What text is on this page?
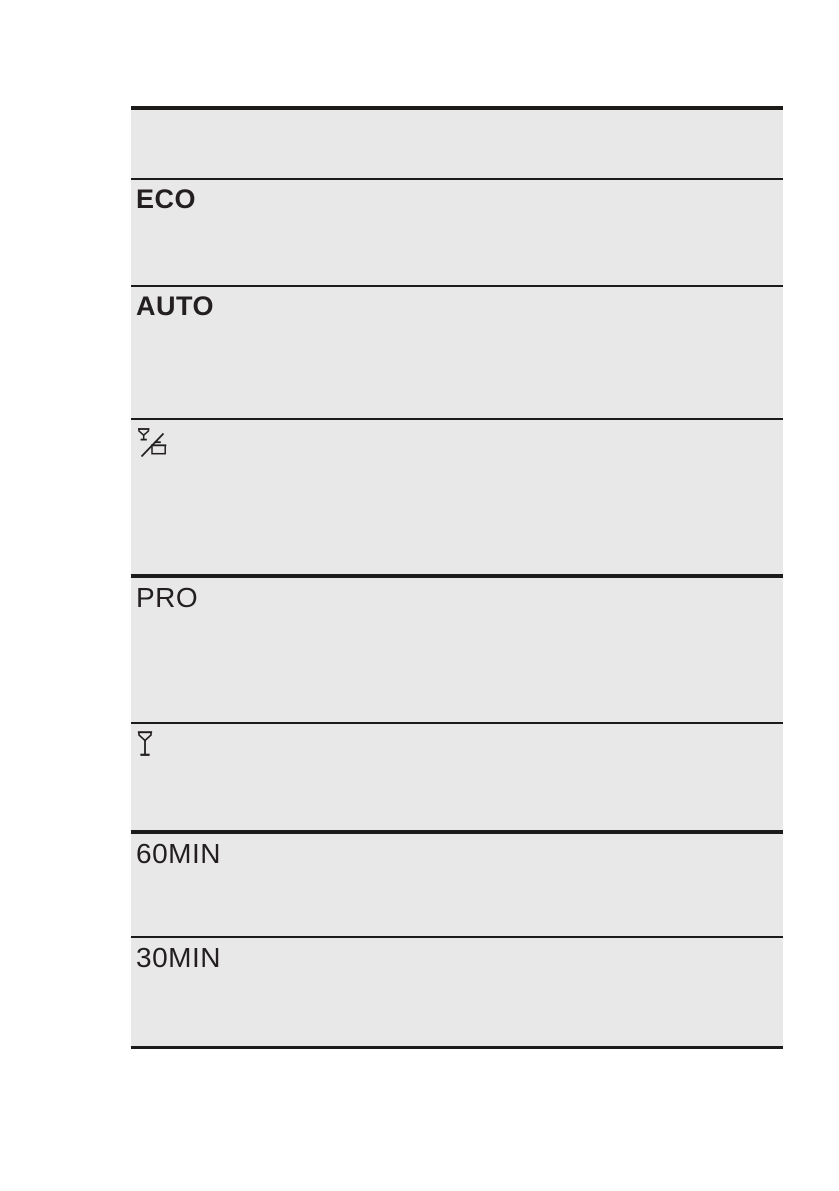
ECO
AUTO
PRO
60MIN
30MIN
